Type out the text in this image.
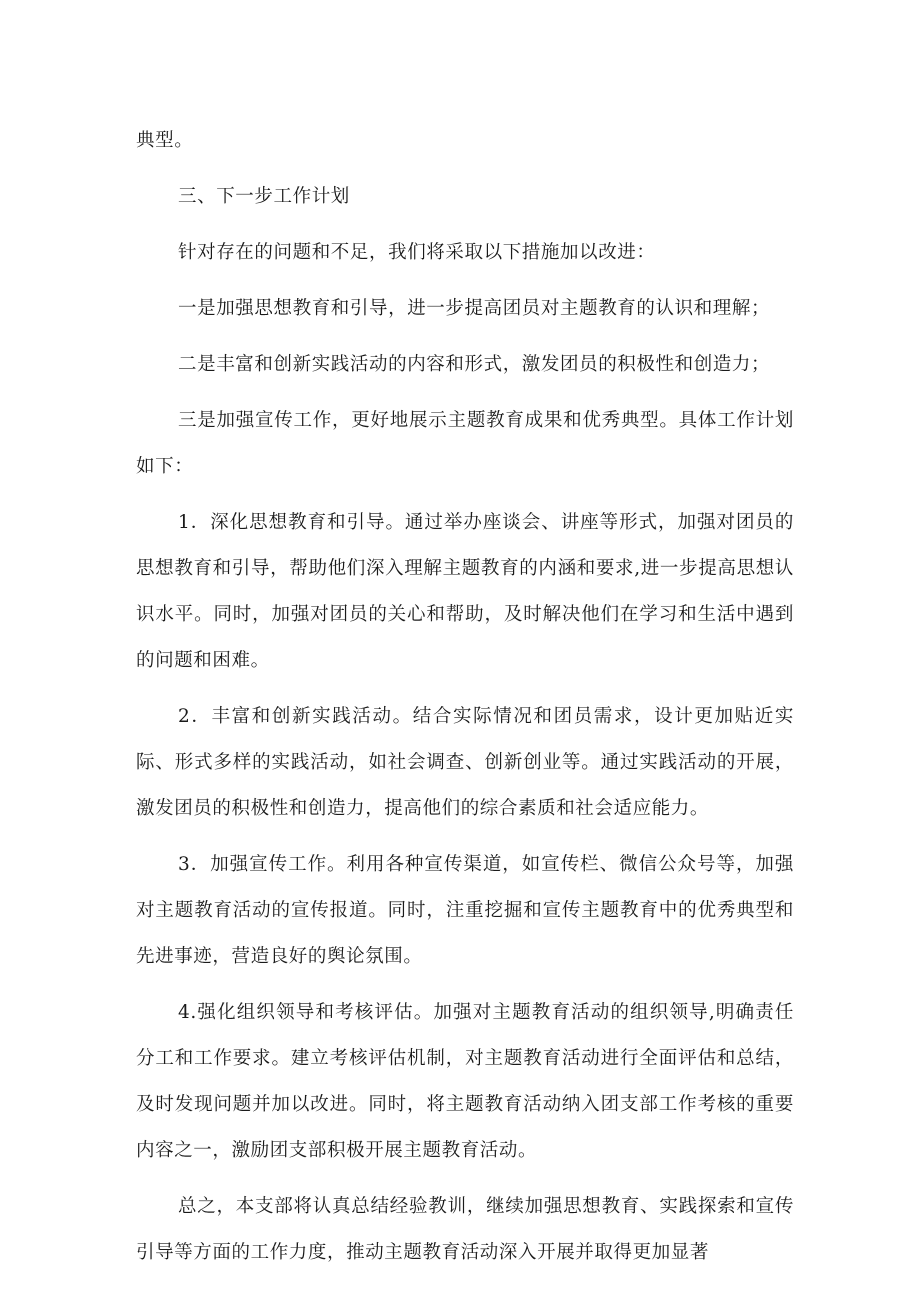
典型。

三、下一步工作计划

针对存在的问题和不足，我们将采取以下措施加以改进：

一是加强思想教育和引导，进一步提高团员对主题教育的认识和理解；

二是丰富和创新实践活动的内容和形式，激发团员的积极性和创造力；

三是加强宣传工作，更好地展示主题教育成果和优秀典型。具体工作计划如下：

1．深化思想教育和引导。通过举办座谈会、讲座等形式，加强对团员的思想教育和引导，帮助他们深入理解主题教育的内涵和要求,进一步提高思想认识水平。同时，加强对团员的关心和帮助，及时解决他们在学习和生活中遇到的问题和困难。

2．丰富和创新实践活动。结合实际情况和团员需求，设计更加贴近实际、形式多样的实践活动，如社会调查、创新创业等。通过实践活动的开展，激发团员的积极性和创造力，提高他们的综合素质和社会适应能力。

3．加强宣传工作。利用各种宣传渠道，如宣传栏、微信公众号等，加强对主题教育活动的宣传报道。同时，注重挖掘和宣传主题教育中的优秀典型和先进事迹，营造良好的舆论氛围。

4.强化组织领导和考核评估。加强对主题教育活动的组织领导,明确责任分工和工作要求。建立考核评估机制，对主题教育活动进行全面评估和总结，及时发现问题并加以改进。同时，将主题教育活动纳入团支部工作考核的重要内容之一，激励团支部积极开展主题教育活动。

总之，本支部将认真总结经验教训，继续加强思想教育、实践探索和宣传引导等方面的工作力度，推动主题教育活动深入开展并取得更加显著
